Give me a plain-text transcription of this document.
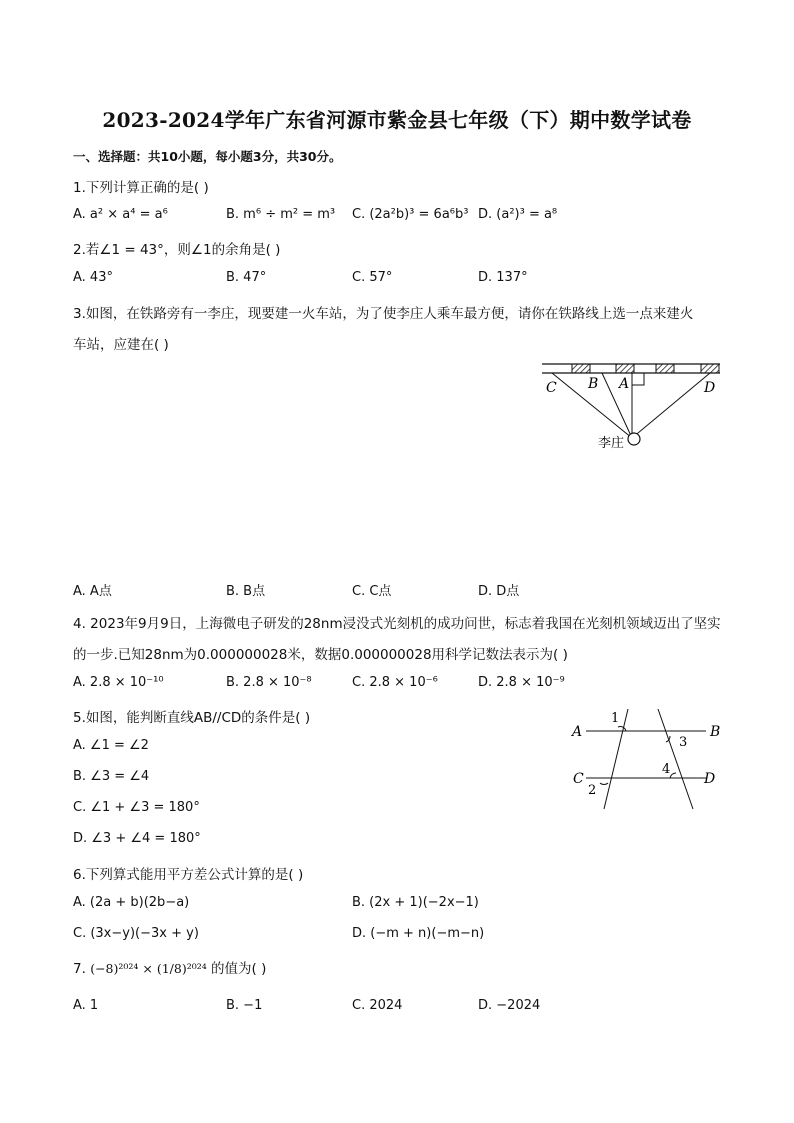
2023-2024学年广东省河源市紫金县七年级（下）期中数学试卷
一、选择题：共10小题，每小题3分，共30分。
1.下列计算正确的是( )
A. a² × a⁴ = a⁶	B. m⁶ ÷ m² = m³ C. (2a²b)³ = 6a⁶b³ D. (a²)³ = a⁸
2.若∠1 = 43°，则∠1的余角是( )
A. 43°	B. 47°	C. 57°	D. 137°
3.如图，在铁路旁有一李庄，现要建一火车站，为了使李庄人乘车最方便，请你在铁路线上选一点来建火
车站，应建在( )
C B A	D
李庄
A. A点	B. B点	C. C点	D. D点
4. 2023年9月9日，上海微电子研发的28nm浸没式光刻机的成功问世，标志着我国在光刻机领域迈出了坚实
的一步.已知28nm为0.000000028米，数据0.000000028用科学记数法表示为( )
A. 2.8 × 10⁻¹⁰	B. 2.8 × 10⁻⁸	C. 2.8 × 10⁻⁶	D. 2.8 × 10⁻⁹
5.如图，能判断直线AB//CD的条件是( )
A. ∠1 = ∠2
B. ∠3 = ∠4
C. ∠1 + ∠3 = 180°
D. ∠3 + ∠4 = 180°
A	B
C	D
1
2
3
4
6.下列算式能用平方差公式计算的是( )
A. (2a + b)(2b−a)	B. (2x + 1)(−2x−1)
C. (3x−y)(−3x + y)	D. (−m + n)(−m−n)
7. (−8)²⁰²⁴ × (1/8)²⁰²⁴ 的值为( )
A. 1	B. −1	C. 2024	D. −2024
